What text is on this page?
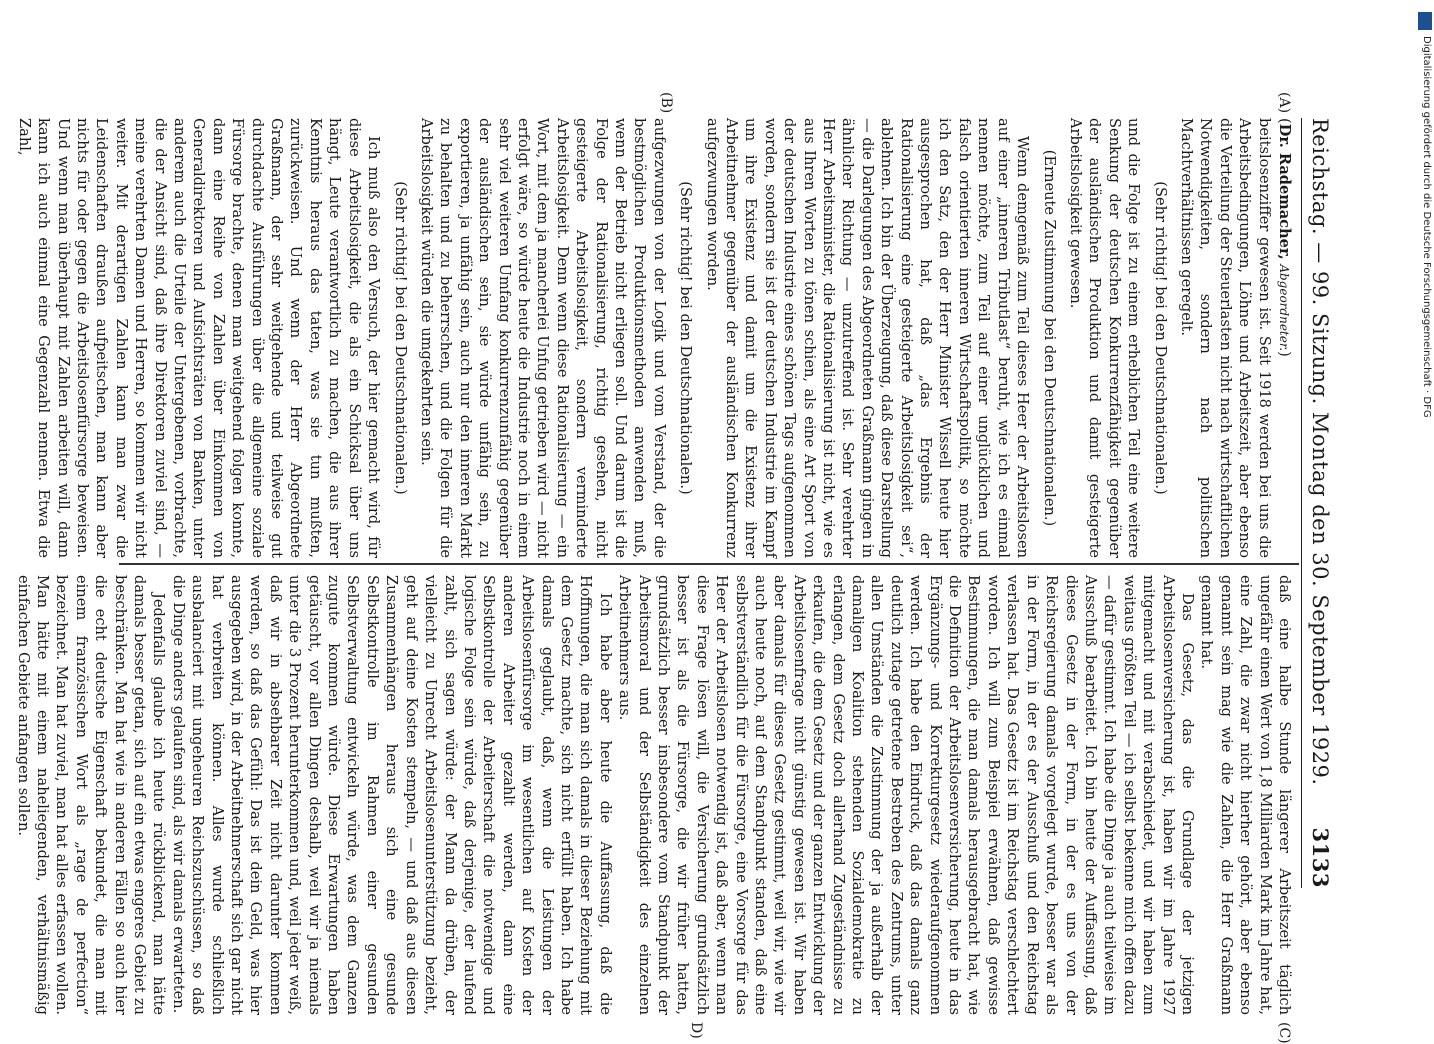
Reichstag. — 99. Sitzung. Montag den 30. September 1929.
3133
(A)
(B)
(C)
D)

(Dr. Rademacher, Abgeordneter.)

beitslosenziffer gewesen ist. Seit 1918 werden bei uns die Arbeitsbedingungen, Löhne und Arbeitszeit, aber ebenso die Verteilung der Steuerlasten nicht nach wirtschaftlichen Notwendigkeiten, sondern nach politischen Machtverhältnissen geregelt.

(Sehr richtig! bei den Deutschnationalen.)

und die Folge ist zu einem erheblichen Teil eine weitere Senkung der deutschen Konkurrenzfähigkeit gegenüber der ausländischen Produktion und damit gesteigerte Arbeitslosigkeit gewesen.

(Erneute Zustimmung bei den Deutschnationalen.)

Wenn demgemäß zum Teil dieses Heer der Arbeitslosen auf einer „inneren Tributlast“ beruht, wie ich es einmal nennen möchte, zum Teil auf einer unglücklichen und falsch orientierten inneren Wirtschaftspolitik, so möchte ich den Satz, den der Herr Minister Wissell heute hier ausgesprochen hat, daß „das Ergebnis der Rationalisierung eine gesteigerte Arbeitslosigkeit sei“, ablehnen. Ich bin der Überzeugung, daß diese Darstellung — die Darlegungen des Abgeordneten Graßmann gingen in ähnlicher Richtung — unzutreffend ist. Sehr verehrter Herr Arbeitsminister, die Rationalisierung ist nicht, wie es aus Ihren Worten zu tönen schien, als eine Art Sport von der deutschen Industrie eines schönen Tags aufgenommen worden, sondern sie ist der deutschen Industrie im Kampf um ihre Existenz und damit um die Existenz ihrer Arbeitnehmer gegenüber der ausländischen Konkurrenz aufgezwungen worden.

(Sehr richtig! bei den Deutschnationalen.)

aufgezwungen von der Logik und vom Verstand, der die bestmöglichen Produktionsmethoden anwenden muß, wenn der Betrieb nicht erliegen soll. Und darum ist die Folge der Rationalisierung, richtig gesehen, nicht gesteigerte Arbeitslosigkeit, sondern verminderte Arbeitslosigkeit. Denn wenn diese Rationalisierung — ein Wort, mit dem ja mancherlei Unfug getrieben wird — nicht erfolgt wäre, so würde heute die Industrie noch in einem sehr viel weiteren Umfang konkurrenzunfähig gegenüber der ausländischen sein, sie würde unfähig sein, zu exportieren, ja unfähig sein, auch nur den inneren Markt zu behalten und zu beherrschen, und die Folgen für die Arbeitslosigkeit würden die umgekehrten sein.

(Sehr richtig! bei den Deutschnationalen.)

Ich muß also den Versuch, der hier gemacht wird, für diese Arbeitslosigkeit, die als ein Schicksal über uns hängt, Leute verantwortlich zu machen, die aus ihrer Kenntnis heraus das taten, was sie tun mußten, zurückweisen. Und wenn der Herr Abgeordnete Graßmann, der sehr weitgehende und teilweise gut durchdachte Ausführungen über die allgemeine soziale Fürsorge brachte, denen man weitgehend folgen konnte, dann eine Reihe von Zahlen über Einkommen von Generaldirektoren und Aufsichtsräten von Banken, unter anderem auch die Urteile der Untergebenen, vorbrachte, die der Ansicht sind, daß ihre Direktoren zuviel sind, — meine verehrten Damen und Herren, so kommen wir nicht weiter. Mit derartigen Zahlen kann man zwar die Leidenschaften draußen aufpeitschen, man kann aber nichts für oder gegen die Arbeitslosenfürsorge beweisen. Und wenn man überhaupt mit Zahlen arbeiten will, dann kann ich auch einmal eine Gegenzahl nennen. Etwa die Zahl,

daß eine halbe Stunde längerer Arbeitszeit täglich ungefähr einen Wert von 1,8 Milliarden Mark im Jahre hat, eine Zahl, die zwar nicht hierher gehört, aber ebenso genannt sein mag wie die Zahlen, die Herr Graßmann genannt hat.

Das Gesetz, das die Grundlage der jetzigen Arbeitslosenversicherung ist, haben wir im Jahre 1927 mitgemacht und mit verabschiedet, und wir haben zum weitaus größten Teil — ich selbst bekenne mich offen dazu — dafür gestimmt. Ich habe die Dinge ja auch teilweise im Ausschuß bearbeitet. Ich bin heute der Auffassung, daß dieses Gesetz in der Form, in der es uns von der Reichsregierung damals vorgelegt wurde, besser war als in der Form, in der es der Ausschuß und den Reichstag verlassen hat. Das Gesetz ist im Reichstag verschlechtert worden. Ich will zum Beispiel erwähnen, daß gewisse Bestimmungen, die man damals herausgebracht hat, wie die Definition der Arbeitslosenversicherung, heute in das Ergänzungs- und Korrekturgesetz wiederaufgenommen werden. Ich habe den Eindruck, daß das damals ganz deutlich zutage getretene Bestreben des Zentrums, unter allen Umständen die Zustimmung der ja außerhalb der damaligen Koalition stehenden Sozialdemokratie zu erlangen, dem Gesetz doch allerhand Zugeständnisse zu erkaufen, die dem Gesetz und der ganzen Entwicklung der Arbeitslosenfrage nicht günstig gewesen ist. Wir haben aber damals für dieses Gesetz gestimmt, weil wir, wie wir auch heute noch, auf dem Standpunkt standen, daß eine selbstverständlich für die Fürsorge, eine Vorsorge für das Heer der Arbeitslosen notwendig ist, daß aber, wenn man diese Frage lösen will, die Versicherung grundsätzlich besser ist als die Fürsorge, die wir früher hatten, grundsätzlich besser insbesondere vom Standpunkt der Arbeitsmoral und der Selbständigkeit des einzelnen Arbeitnehmers aus.

Ich habe aber heute die Auffassung, daß die Hoffnungen, die man sich damals in dieser Beziehung mit dem Gesetz machte, sich nicht erfüllt haben. Ich habe damals geglaubt, daß, wenn die Leistungen der Arbeitslosenfürsorge im wesentlichen auf Kosten der anderen Arbeiter gezahlt werden, dann eine Selbstkontrolle der Arbeiterschaft die notwendige und logische Folge sein würde, daß derjenige, der laufend zahlt, sich sagen würde: der Mann da drüben, der vielleicht zu Unrecht Arbeitslosenunterstützung bezieht, geht auf deine Kosten stempeln, — und daß aus diesen Zusammenhängen heraus sich eine gesunde Selbstkontrolle im Rahmen einer gesunden Selbstverwaltung entwickeln würde, was dem Ganzen zugute kommen würde. Diese Erwartungen haben getäuscht, vor allen Dingen deshalb, weil wir ja niemals unter die 3 Prozent herunterkommen und, weil jeder weiß, daß wir in absehbarer Zeit nicht darunter kommen werden, so daß das Gefühl: Das ist dein Geld, was hier ausgegeben wird, in der Arbeitnehmerschaft sich gar nicht hat verbreiten können. Alles wurde schließlich ausbalanciert mit ungeheuren Reichszuschüssen, so daß die Dinge anders gelaufen sind, als wir damals erwarteten.

Jedenfalls glaube ich heute rückblickend, man hätte damals besser getan, sich auf ein etwas engeres Gebiet zu beschränken. Man hat wie in anderen Fällen so auch hier die echt deutsche Eigenschaft bekundet, die man mit einem französischen Wort als „rage de perfection“ bezeichnet. Man hat zuviel, man hat alles erfassen wollen. Man hätte mit einem naheliegenden, verhältnismäßig einfachen Gebiete anfangen sollen.

Digitalisierung gefördert durch die Deutsche Forschungsgemeinschaft · DFG
